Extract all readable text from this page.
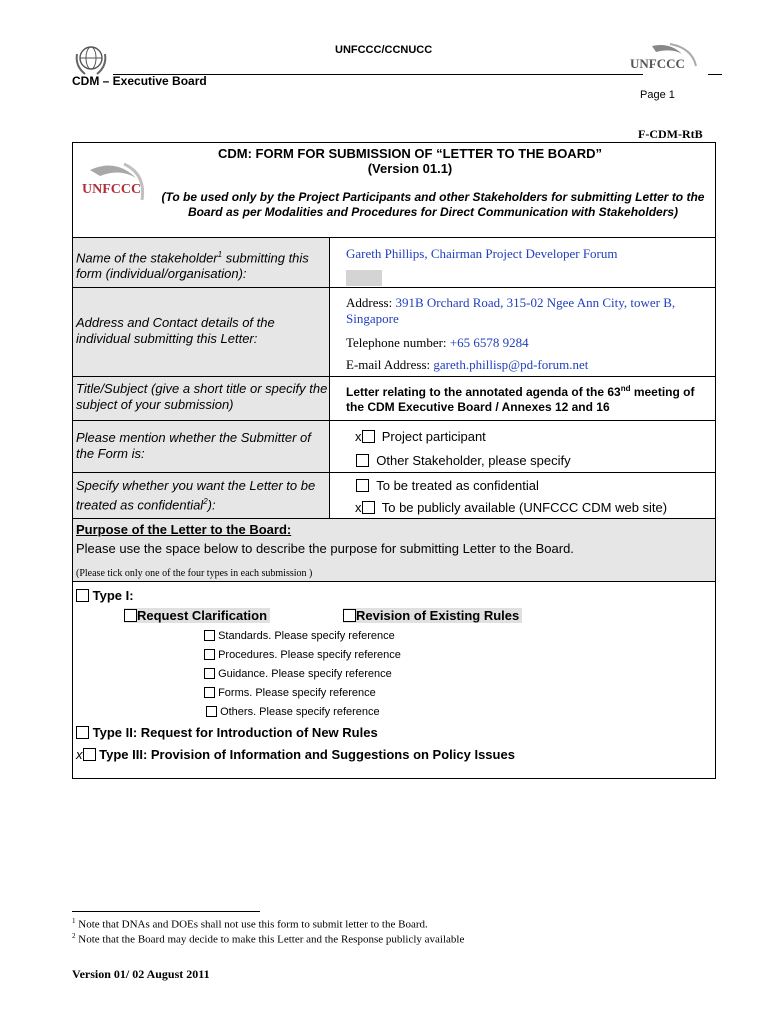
UNFCCC/CCNUCC
UNFCCC
CDM – Executive Board
Page 1
F-CDM-RtB
UNFCCC
CDM: FORM FOR SUBMISSION OF “LETTER TO THE BOARD”
(Version 01.1)
(To be used only by the Project Participants and other Stakeholders for submitting Letter to the Board as per Modalities and Procedures for Direct Communication with Stakeholders)
Name of the stakeholder$^1$ submitting this form (individual/organisation):
Gareth Phillips, Chairman Project Developer Forum
Address and Contact details of the individual submitting this Letter:
Address: 391B Orchard Road, 315-02 Ngee Ann City, tower B, Singapore
Telephone number: +65 6578 9284
E-mail Address: gareth.phillisp@pd-forum.net
Title/Subject (give a short title or specify the subject of your submission)
Letter relating to the annotated agenda of the 63nd meeting of the CDM Executive Board / Annexes 12 and 16
Please mention whether the Submitter of the Form is:
x Project participant
Other Stakeholder, please specify
Specify whether you want the Letter to be treated as confidential$^2$):
To be treated as confidential
x To be publicly available (UNFCCC CDM web site)
Purpose of the Letter to the Board:
Please use the space below to describe the purpose for submitting Letter to the Board.
(Please tick only one of the four types in each submission )
Type I:
Request Clarification	Revision of Existing Rules
Standards. Please specify reference
Procedures. Please specify reference
Guidance. Please specify reference
Forms. Please specify reference
Others. Please specify reference
Type II: Request for Introduction of New Rules
x Type III: Provision of Information and Suggestions on Policy Issues
$^1$ Note that DNAs and DOEs shall not use this form to submit letter to the Board.
$^2$ Note that the Board may decide to make this Letter and the Response publicly available
Version 01/ 02 August 2011
